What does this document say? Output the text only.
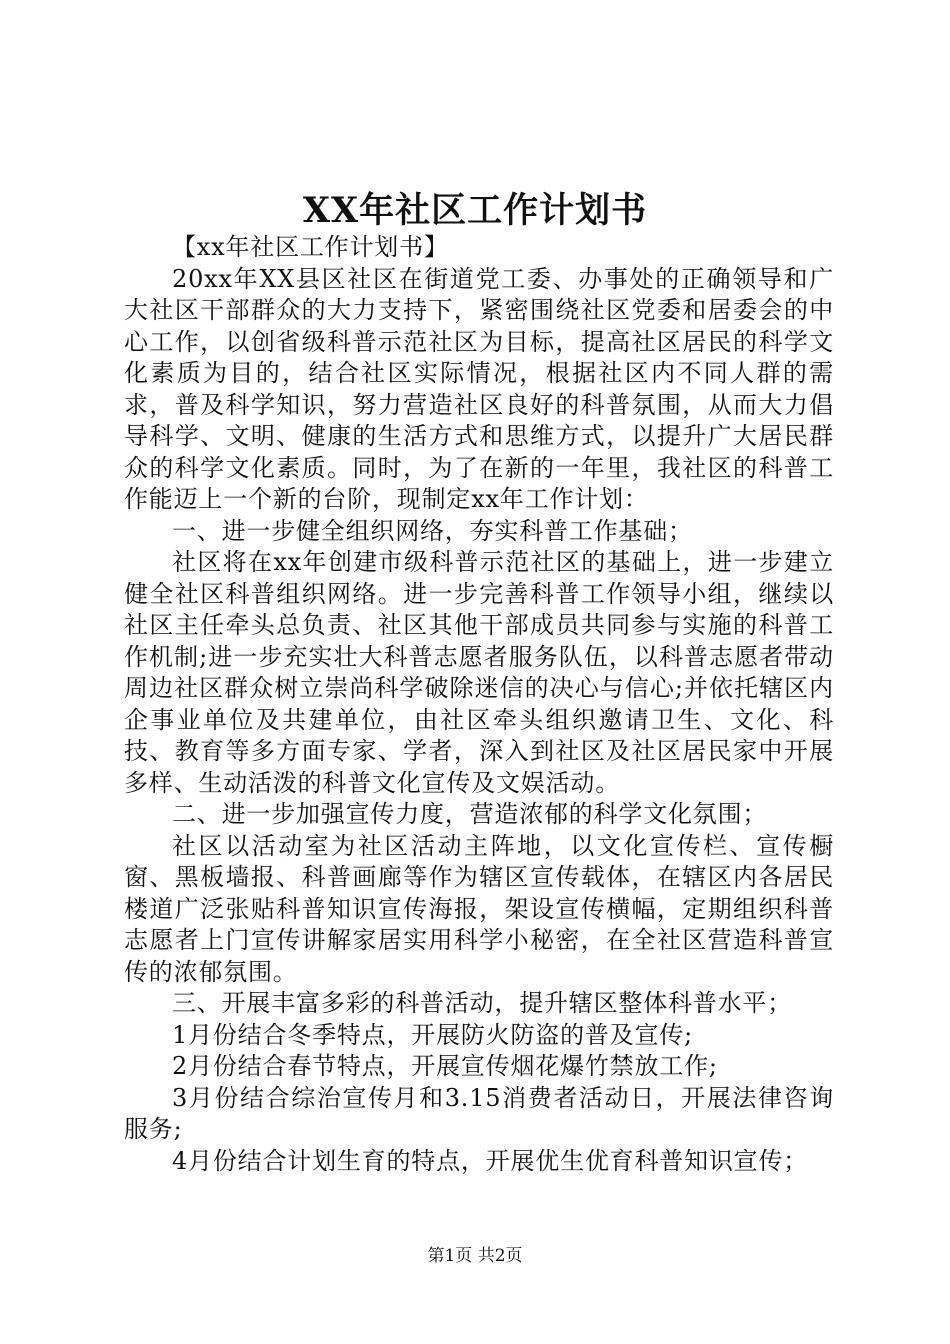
XX年社区工作计划书

【xx年社区工作计划书】

20xx年XX县区社区在街道党工委、办事处的正确领导和广大社区干部群众的大力支持下，紧密围绕社区党委和居委会的中心工作，以创省级科普示范社区为目标，提高社区居民的科学文化素质为目的，结合社区实际情况，根据社区内不同人群的需求，普及科学知识，努力营造社区良好的科普氛围，从而大力倡导科学、文明、健康的生活方式和思维方式，以提升广大居民群众的科学文化素质。同时，为了在新的一年里，我社区的科普工作能迈上一个新的台阶，现制定xx年工作计划：

一、进一步健全组织网络，夯实科普工作基础；

社区将在xx年创建市级科普示范社区的基础上，进一步建立健全社区科普组织网络。进一步完善科普工作领导小组，继续以社区主任牵头总负责、社区其他干部成员共同参与实施的科普工作机制;进一步充实壮大科普志愿者服务队伍，以科普志愿者带动周边社区群众树立崇尚科学破除迷信的决心与信心;并依托辖区内企事业单位及共建单位，由社区牵头组织邀请卫生、文化、科技、教育等多方面专家、学者，深入到社区及社区居民家中开展多样、生动活泼的科普文化宣传及文娱活动。

二、进一步加强宣传力度，营造浓郁的科学文化氛围；

社区以活动室为社区活动主阵地，以文化宣传栏、宣传橱窗、黑板墙报、科普画廊等作为辖区宣传载体，在辖区内各居民楼道广泛张贴科普知识宣传海报，架设宣传横幅，定期组织科普志愿者上门宣传讲解家居实用科学小秘密，在全社区营造科普宣传的浓郁氛围。

三、开展丰富多彩的科普活动，提升辖区整体科普水平；

1月份结合冬季特点，开展防火防盗的普及宣传;

2月份结合春节特点，开展宣传烟花爆竹禁放工作;

3月份结合综治宣传月和3.15消费者活动日，开展法律咨询服务;

4月份结合计划生育的特点，开展优生优育科普知识宣传；

第1页 共2页
